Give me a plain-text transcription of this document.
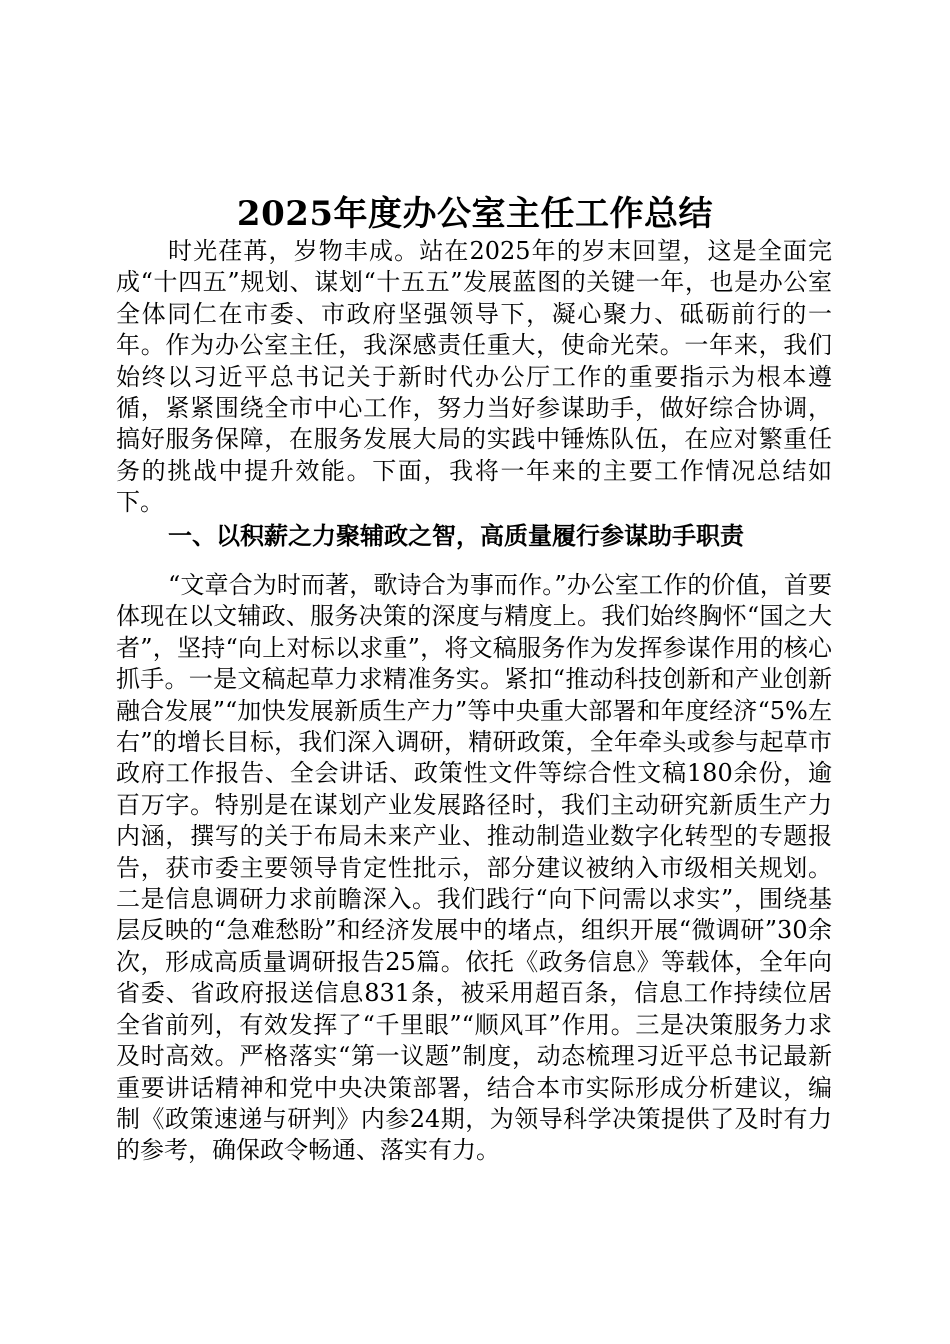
2025年度办公室主任工作总结

时光荏苒，岁物丰成。站在2025年的岁末回望，这是全面完成“十四五”规划、谋划“十五五”发展蓝图的关键一年，也是办公室全体同仁在市委、市政府坚强领导下，凝心聚力、砥砺前行的一年。作为办公室主任，我深感责任重大，使命光荣。一年来，我们始终以习近平总书记关于新时代办公厅工作的重要指示为根本遵循，紧紧围绕全市中心工作，努力当好参谋助手，做好综合协调，搞好服务保障，在服务发展大局的实践中锤炼队伍，在应对繁重任务的挑战中提升效能。下面，我将一年来的主要工作情况总结如下。

一、以积薪之力聚辅政之智，高质量履行参谋助手职责

“文章合为时而著，歌诗合为事而作。”办公室工作的价值，首要体现在以文辅政、服务决策的深度与精度上。我们始终胸怀“国之大者”，坚持“向上对标以求重”，将文稿服务作为发挥参谋作用的核心抓手。一是文稿起草力求精准务实。紧扣“推动科技创新和产业创新融合发展”“加快发展新质生产力”等中央重大部署和年度经济“5%左右”的增长目标，我们深入调研，精研政策，全年牵头或参与起草市政府工作报告、全会讲话、政策性文件等综合性文稿180余份，逾百万字。特别是在谋划产业发展路径时，我们主动研究新质生产力内涵，撰写的关于布局未来产业、推动制造业数字化转型的专题报告，获市委主要领导肯定性批示，部分建议被纳入市级相关规划。二是信息调研力求前瞻深入。我们践行“向下问需以求实”，围绕基层反映的“急难愁盼”和经济发展中的堵点，组织开展“微调研”30余次，形成高质量调研报告25篇。依托《政务信息》等载体，全年向省委、省政府报送信息831条，被采用超百条，信息工作持续位居全省前列，有效发挥了“千里眼”“顺风耳”作用。三是决策服务力求及时高效。严格落实“第一议题”制度，动态梳理习近平总书记最新重要讲话精神和党中央决策部署，结合本市实际形成分析建议，编制《政策速递与研判》内参24期，为领导科学决策提供了及时有力的参考，确保政令畅通、落实有力。
